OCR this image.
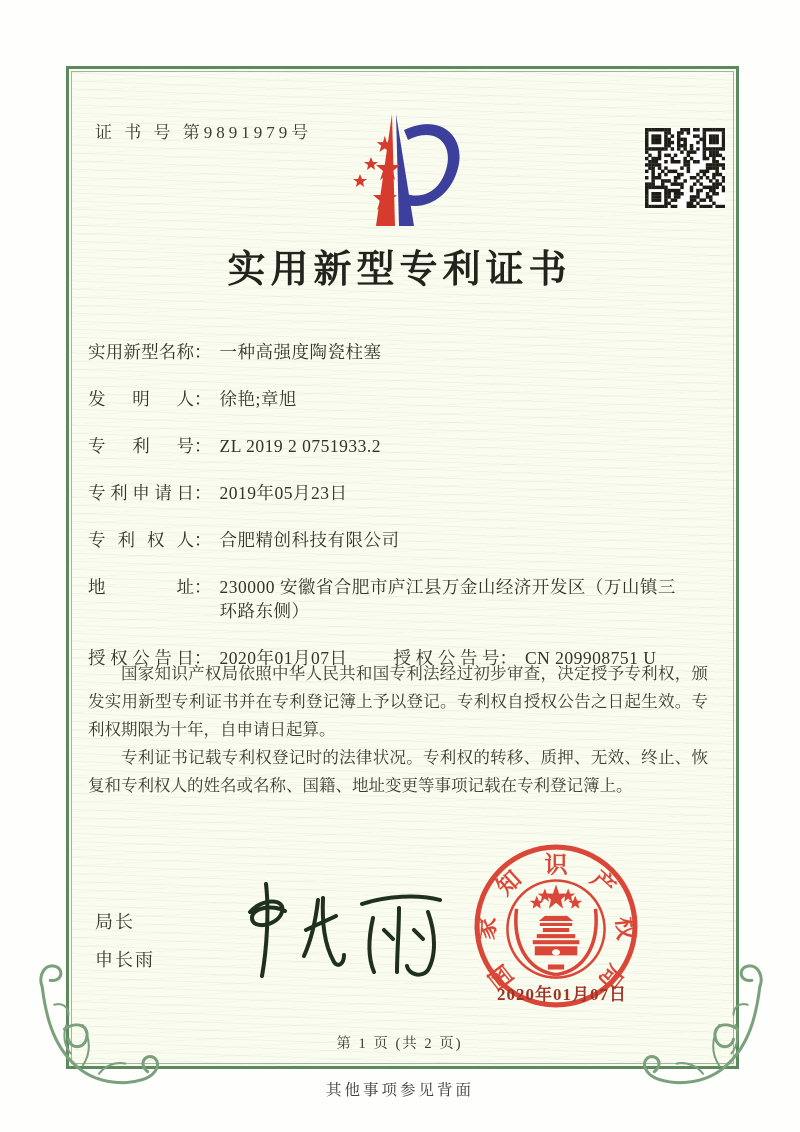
证 书 号 第9891979号
实用新型专利证书
实用新型名称 ： 一种高强度陶瓷柱塞
发明人 ： 徐艳;章旭
专利号 ： ZL 2019 2 0751933.2
专利申请日 ： 2019年05月23日
专利权人 ： 合肥精创科技有限公司
地址 ： 230000 安徽省合肥市庐江县万金山经济开发区（万山镇三环路东侧）
授权公告日 ： 2020年01月07日	授权公告号 ： CN 209908751 U

国家知识产权局依照中华人民共和国专利法经过初步审查，决定授予专利权，颁发实用新型专利证书并在专利登记簿上予以登记。专利权自授权公告之日起生效。专利权期限为十年，自申请日起算。

专利证书记载专利权登记时的法律状况。专利权的转移、质押、无效、终止、恢复和专利权人的姓名或名称、国籍、地址变更等事项记载在专利登记簿上。

局长
申长雨	国
家
知
识
产
权
局
2020年01月07日
第 1 页 (共 2 页)
其他事项参见背面
